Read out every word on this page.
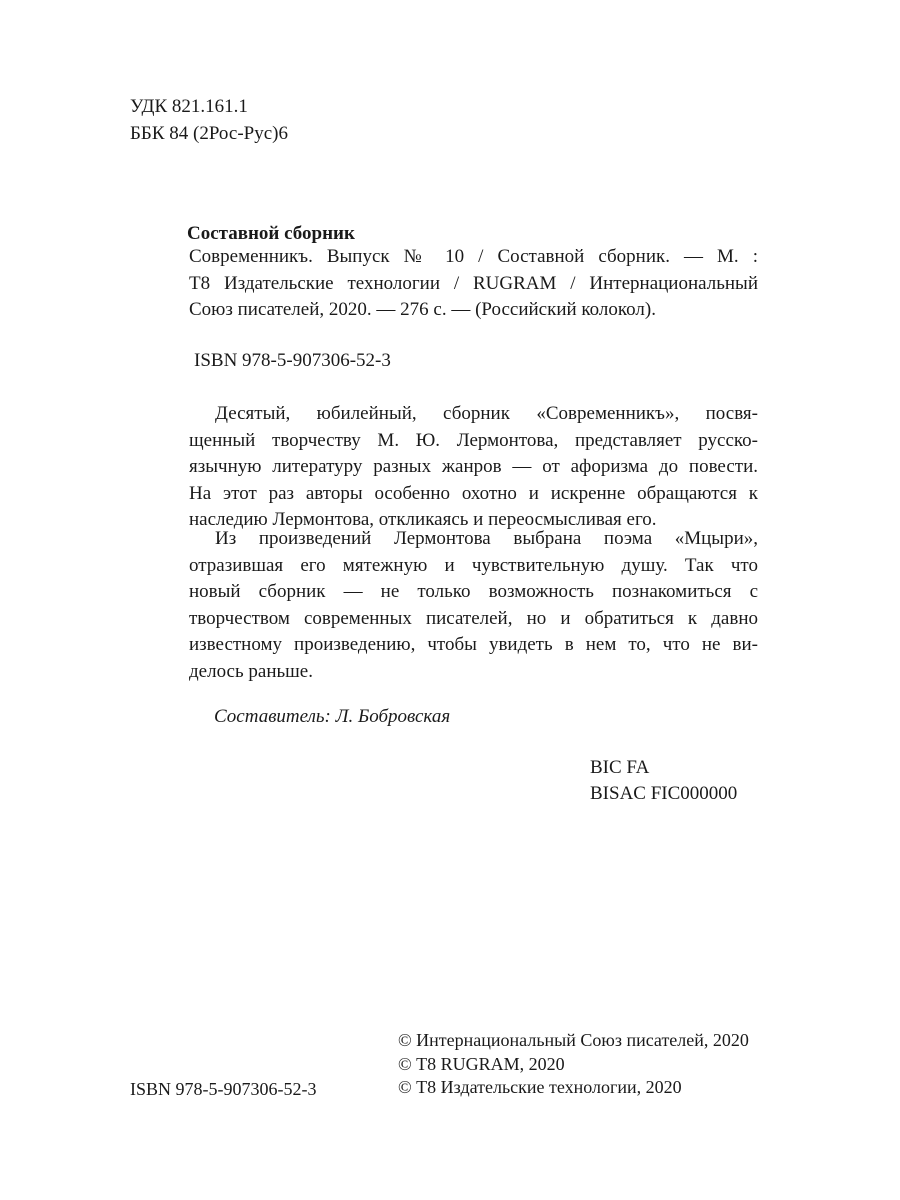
УДК 821.161.1
ББК 84 (2Рос-Рус)6
Составной сборник
Современникъ. Выпуск № 10 / Составной сборник. — М. :
Т8 Издательские технологии / RUGRAM / Интернациональный
Союз писателей, 2020. — 276 с. — (Российский колокол).
ISBN 978-5-907306-52-3
Десятый, юбилейный, сборник «Современникъ», посвя-
щенный творчеству М. Ю. Лермонтова, представляет русско-
язычную литературу разных жанров — от афоризма до повести.
На этот раз авторы особенно охотно и искренне обращаются к
наследию Лермонтова, откликаясь и переосмысливая его.
Из произведений Лермонтова выбрана поэма «Мцыри»,
отразившая его мятежную и чувствительную душу. Так что
новый сборник — не только возможность познакомиться с
творчеством современных писателей, но и обратиться к давно
известному произведению, чтобы увидеть в нем то, что не ви-
делось раньше.
Составитель: Л. Бобровская
BIC FA
BISAC FIC000000
ISBN 978-5-907306-52-3
© Интернациональный Союз писателей, 2020
© Т8 RUGRAM, 2020
© Т8 Издательские технологии, 2020
